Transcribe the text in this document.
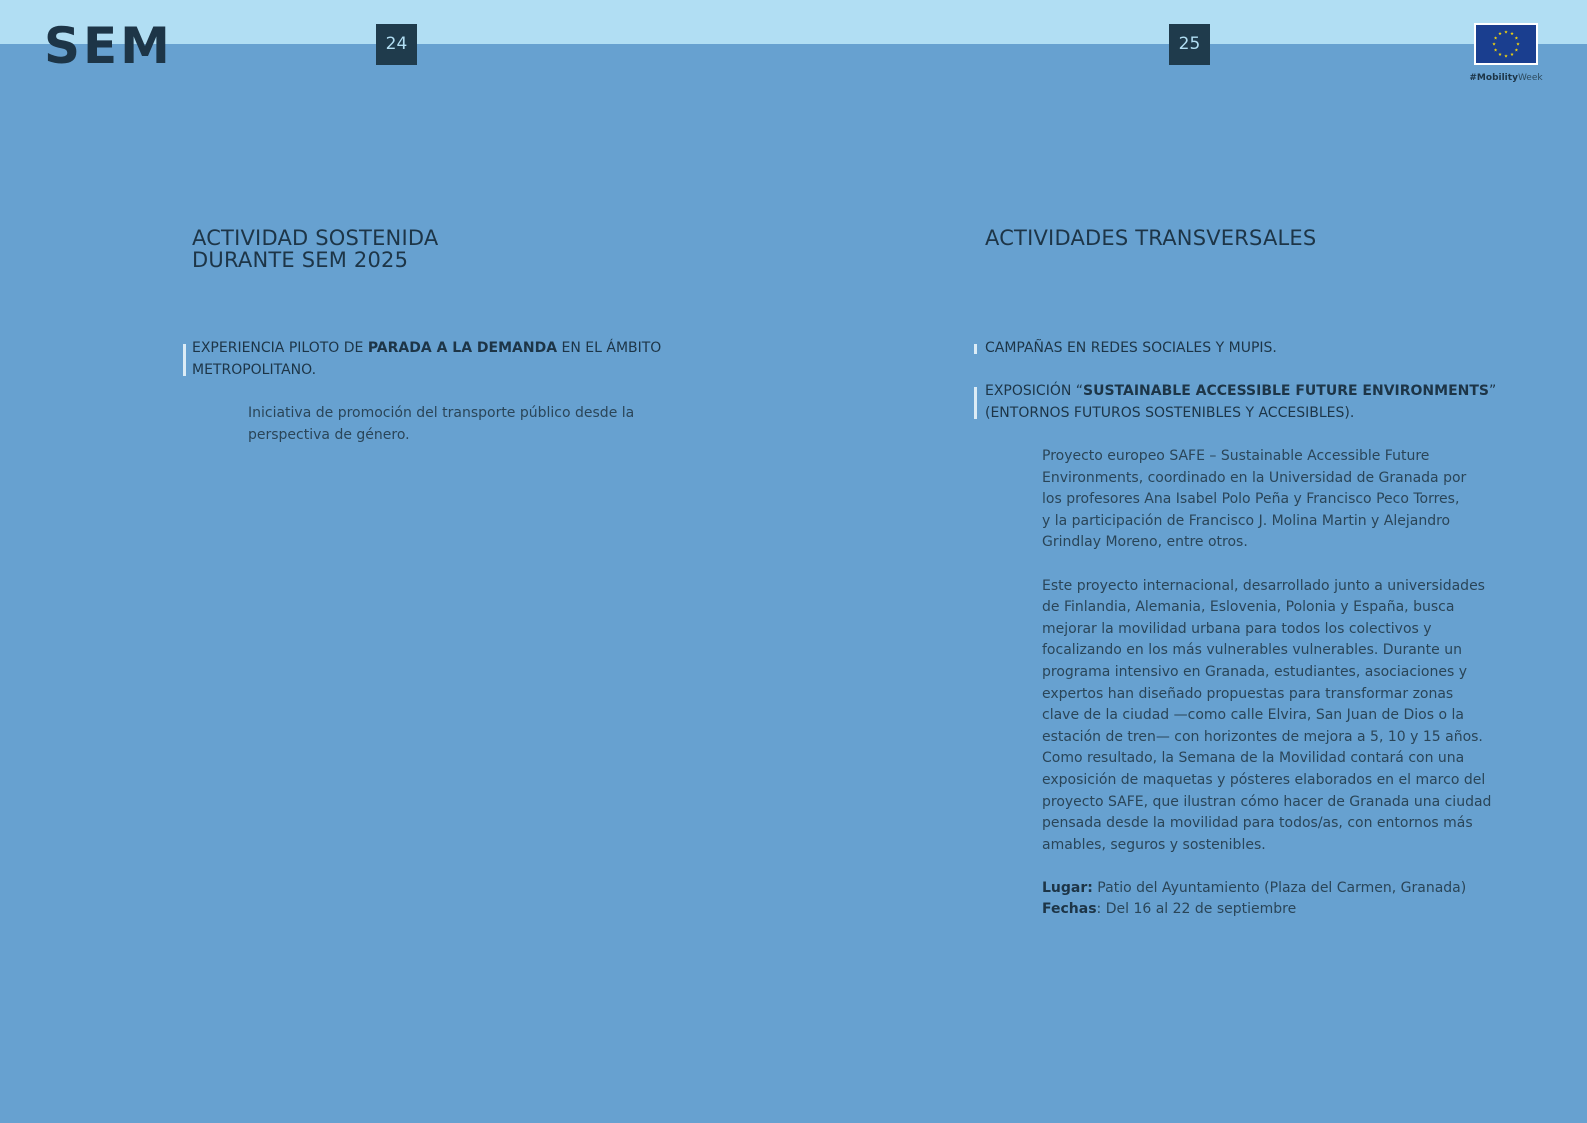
SEM	24	25
#MobilityWeek
ACTIVIDAD SOSTENIDA
DURANTE SEM 2025
EXPERIENCIA PILOTO DE PARADA A LA DEMANDA EN EL ÁMBITO
METROPOLITANO.
Iniciativa de promoción del transporte público desde la
perspectiva de género.
ACTIVIDADES TRANSVERSALES
CAMPAÑAS EN REDES SOCIALES Y MUPIS.
EXPOSICIÓN “SUSTAINABLE ACCESSIBLE FUTURE ENVIRONMENTS”
(ENTORNOS FUTUROS SOSTENIBLES Y ACCESIBLES).

Proyecto europeo SAFE – Sustainable Accessible Future
Environments, coordinado en la Universidad de Granada por
los profesores Ana Isabel Polo Peña y Francisco Peco Torres,
y la participación de Francisco J. Molina Martin y Alejandro
Grindlay Moreno, entre otros.

Este proyecto internacional, desarrollado junto a universidades
de Finlandia, Alemania, Eslovenia, Polonia y España, busca
mejorar la movilidad urbana para todos los colectivos y
focalizando en los más vulnerables vulnerables. Durante un
programa intensivo en Granada, estudiantes, asociaciones y
expertos han diseñado propuestas para transformar zonas
clave de la ciudad —como calle Elvira, San Juan de Dios o la
estación de tren— con horizontes de mejora a 5, 10 y 15 años.
Como resultado, la Semana de la Movilidad contará con una
exposición de maquetas y pósteres elaborados en el marco del
proyecto SAFE, que ilustran cómo hacer de Granada una ciudad
pensada desde la movilidad para todos/as, con entornos más
amables, seguros y sostenibles.

Lugar: Patio del Ayuntamiento (Plaza del Carmen, Granada)
Fechas: Del 16 al 22 de septiembre
